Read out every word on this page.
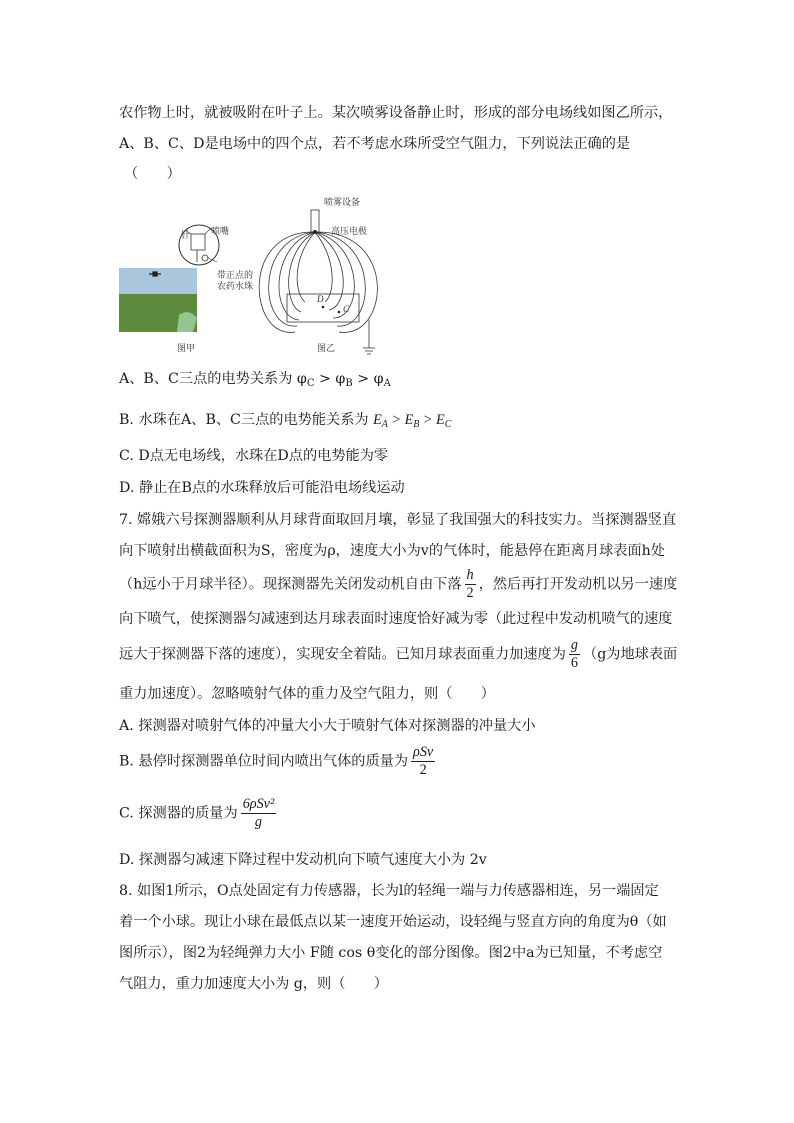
农作物上时，就被吸附在叶子上。某次喷雾设备静止时，形成的部分电场线如图乙所示，
A、B、C、D是电场中的四个点，若不考虑水珠所受空气阻力，下列说法正确的是
（　　）
喷雾设备
高压电极
针 喷嘴
带正点的
农药水珠
图甲	图乙
D
C
A、B、C三点的电势关系为 $\varphi_C > \varphi_B > \varphi_A$
B. 水珠在A、B、C三点的电势能关系为 $E_A > E_B > E_C$
C. D点无电场线，水珠在D点的电势能为零
D. 静止在B点的水珠释放后可能沿电场线运动
7. 嫦娥六号探测器顺利从月球背面取回月壤，彰显了我国强大的科技实力。当探测器竖直
向下喷射出横截面积为S，密度为ρ，速度大小为v的气体时，能悬停在距离月球表面h处
（h远小于月球半径）。现探测器先关闭发动机自由下落 $\frac{h}{2}$ ，然后再打开发动机以另一速度
向下喷气，使探测器匀减速到达月球表面时速度恰好减为零（此过程中发动机喷气的速度
远大于探测器下落的速度），实现安全着陆。已知月球表面重力加速度为 $\frac{g}{6} (g$为地球表面
重力加速度）。忽略喷射气体的重力及空气阻力，则（　　）
A. 探测器对喷射气体的冲量大小大于喷射气体对探测器的冲量大小
B. 悬停时探测器单位时间内喷出气体的质量为 $\frac{\text{ρSv}}{2}$
C. 探测器的质量为 $\frac{\text{6ρSv²}}{g}$
D. 探测器匀减速下降过程中发动机向下喷气速度大小为 2v
8. 如图1所示，O点处固定有力传感器，长为l的轻绳一端与力传感器相连，另一端固定
着一个小球。现让小球在最低点以某一速度开始运动，设轻绳与竖直方向的角度为θ（如
图所示），图2为轻绳弹力大小 F随 cos θ变化的部分图像。图2中a为已知量，不考虑空
气阻力，重力加速度大小为 g，则（　　）
